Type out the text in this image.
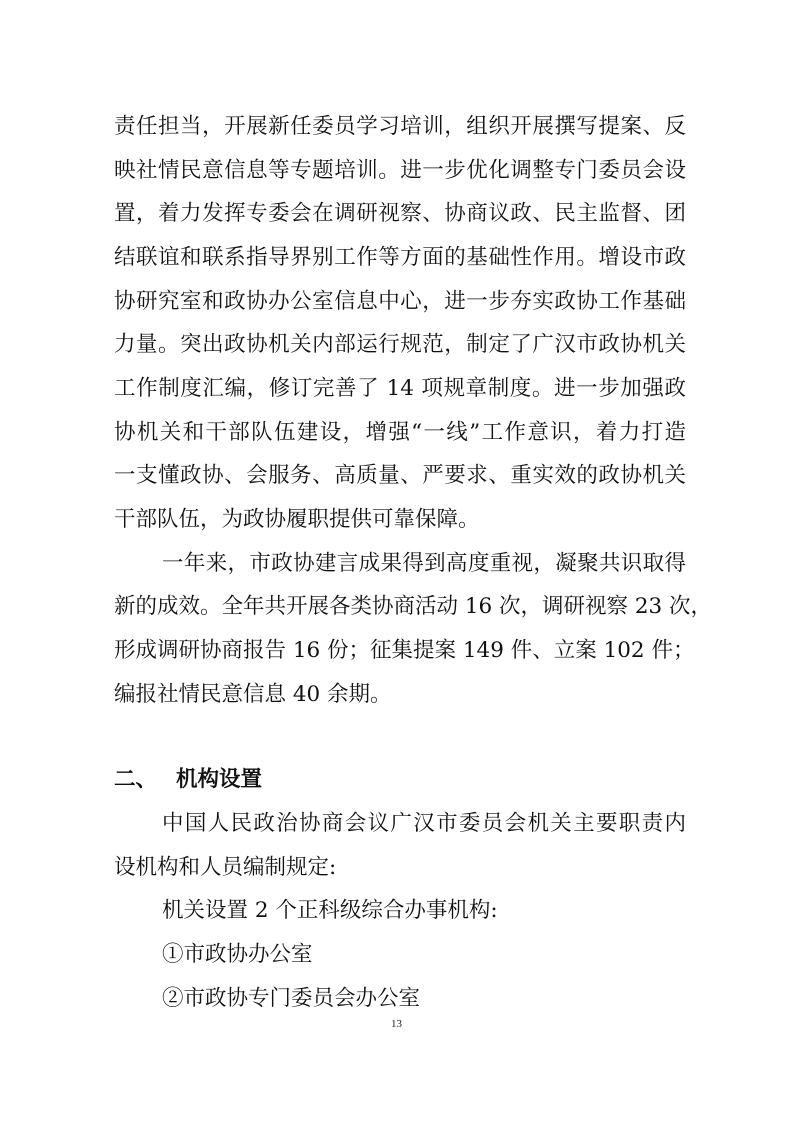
责任担当，开展新任委员学习培训，组织开展撰写提案、反
映社情民意信息等专题培训。进一步优化调整专门委员会设
置，着力发挥专委会在调研视察、协商议政、民主监督、团
结联谊和联系指导界别工作等方面的基础性作用。增设市政
协研究室和政协办公室信息中心，进一步夯实政协工作基础
力量。突出政协机关内部运行规范，制定了广汉市政协机关
工作制度汇编，修订完善了 14 项规章制度。进一步加强政
协机关和干部队伍建设，增强“一线”工作意识，着力打造
一支懂政协、会服务、高质量、严要求、重实效的政协机关
干部队伍，为政协履职提供可靠保障。
一年来，市政协建言成果得到高度重视，凝聚共识取得
新的成效。全年共开展各类协商活动 16 次，调研视察 23 次，
形成调研协商报告 16 份；征集提案 149 件、立案 102 件；
编报社情民意信息 40 余期。
二、 机构设置
中国人民政治协商会议广汉市委员会机关主要职责内
设机构和人员编制规定:
机关设置 2 个正科级综合办事机构:
①市政协办公室
②市政协专门委员会办公室
13
